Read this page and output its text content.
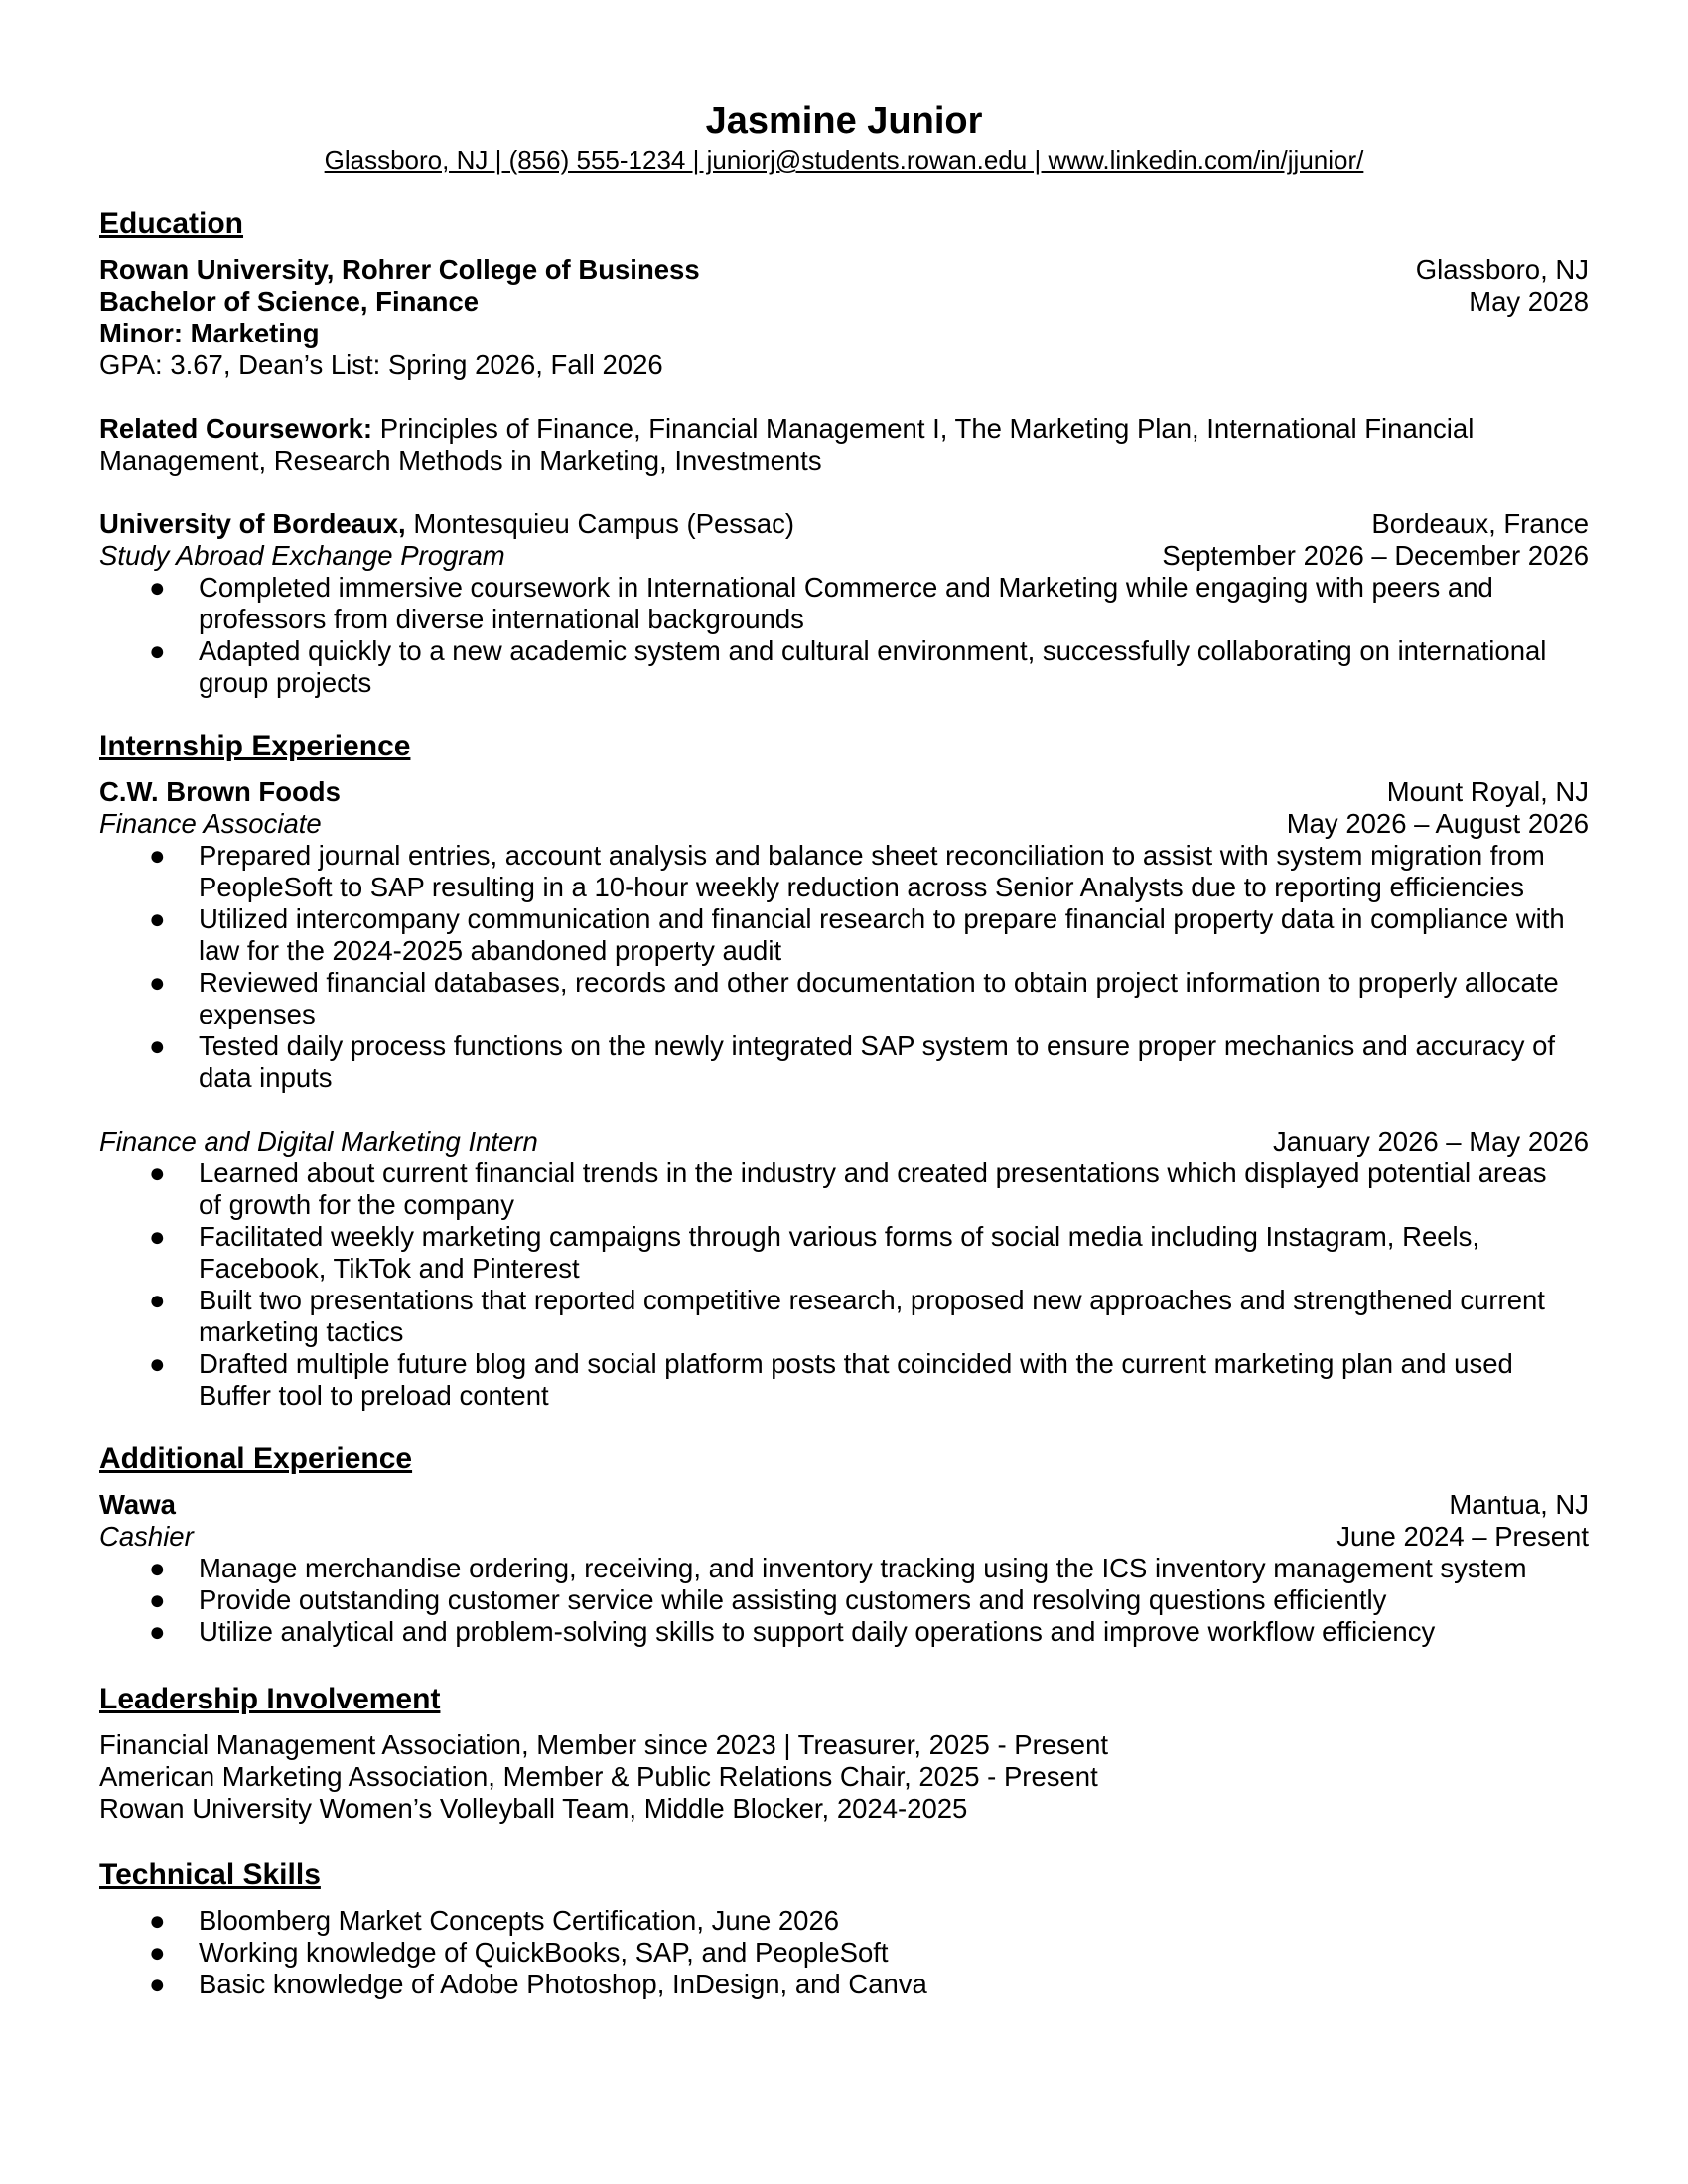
Jasmine Junior
Glassboro, NJ | (856) 555-1234 | juniorj@students.rowan.edu | www.linkedin.com/in/jjunior/
Education
Rowan University, Rohrer College of Business	Glassboro, NJ
Bachelor of Science, Finance	May 2028
Minor: Marketing
GPA: 3.67, Dean’s List: Spring 2026, Fall 2026
Related Coursework: Principles of Finance, Financial Management I, The Marketing Plan, International Financial
Management, Research Methods in Marketing, Investments
University of Bordeaux, Montesquieu Campus (Pessac)	Bordeaux, France
Study Abroad Exchange Program	September 2026 – December 2026
● Completed immersive coursework in International Commerce and Marketing while engaging with peers and
professors from diverse international backgrounds
● Adapted quickly to a new academic system and cultural environment, successfully collaborating on international
group projects
Internship Experience
C.W. Brown Foods	Mount Royal, NJ
Finance Associate	May 2026 – August 2026
● Prepared journal entries, account analysis and balance sheet reconciliation to assist with system migration from
PeopleSoft to SAP resulting in a 10-hour weekly reduction across Senior Analysts due to reporting efficiencies
● Utilized intercompany communication and financial research to prepare financial property data in compliance with
law for the 2024-2025 abandoned property audit
● Reviewed financial databases, records and other documentation to obtain project information to properly allocate
expenses
● Tested daily process functions on the newly integrated SAP system to ensure proper mechanics and accuracy of
data inputs
Finance and Digital Marketing Intern	January 2026 – May 2026
● Learned about current financial trends in the industry and created presentations which displayed potential areas
of growth for the company
● Facilitated weekly marketing campaigns through various forms of social media including Instagram, Reels,
Facebook, TikTok and Pinterest
● Built two presentations that reported competitive research, proposed new approaches and strengthened current
marketing tactics
● Drafted multiple future blog and social platform posts that coincided with the current marketing plan and used
Buffer tool to preload content
Additional Experience
Wawa	Mantua, NJ
Cashier	June 2024 – Present
● Manage merchandise ordering, receiving, and inventory tracking using the ICS inventory management system
● Provide outstanding customer service while assisting customers and resolving questions efficiently
● Utilize analytical and problem-solving skills to support daily operations and improve workflow efficiency
Leadership Involvement
Financial Management Association, Member since 2023 | Treasurer, 2025 - Present
American Marketing Association, Member & Public Relations Chair, 2025 - Present
Rowan University Women’s Volleyball Team, Middle Blocker, 2024-2025
Technical Skills
● Bloomberg Market Concepts Certification, June 2026
● Working knowledge of QuickBooks, SAP, and PeopleSoft
● Basic knowledge of Adobe Photoshop, InDesign, and Canva
